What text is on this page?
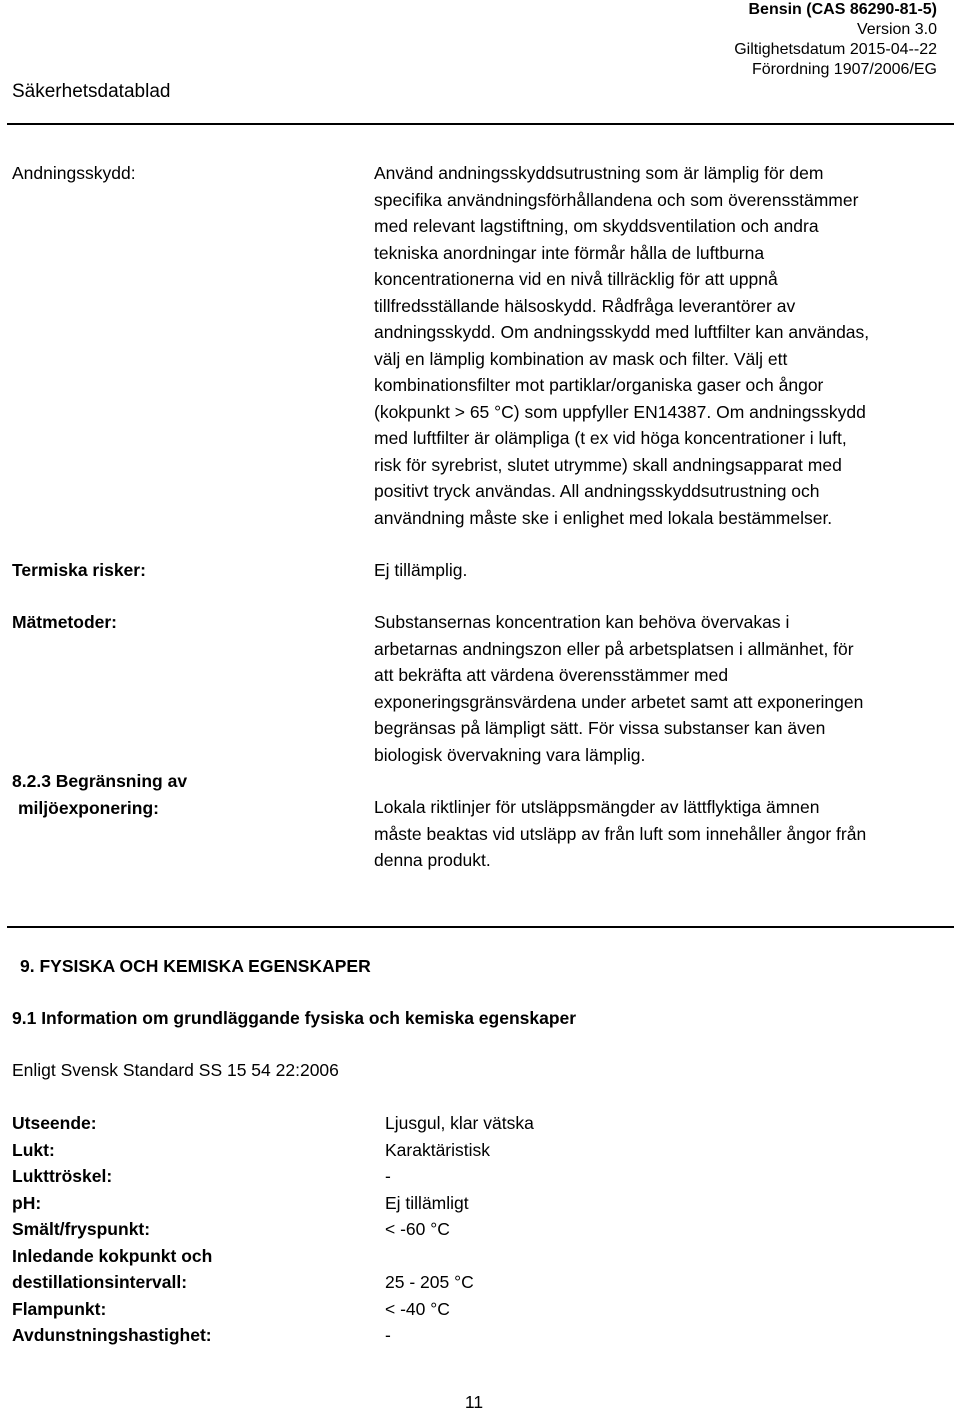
Bensin (CAS 86290-81-5)
Version 3.0
Giltighetsdatum 2015-04--22
Förordning 1907/2006/EG
Säkerhetsdatablad
Andningsskydd:	Använd andningsskyddsutrustning som är lämplig för dem
specifika användningsförhållandena och som överensstämmer
med relevant lagstiftning, om skyddsventilation och andra
tekniska anordningar inte förmår hålla de luftburna
koncentrationerna vid en nivå tillräcklig för att uppnå
tillfredsställande hälsoskydd. Rådfråga leverantörer av
andningsskydd. Om andningsskydd med luftfilter kan användas,
välj en lämplig kombination av mask och filter. Välj ett
kombinationsfilter mot partiklar/organiska gaser och ångor
(kokpunkt > 65 °C) som uppfyller EN14387. Om andningsskydd
med luftfilter är olämpliga (t ex vid höga koncentrationer i luft,
risk för syrebrist, slutet utrymme) skall andningsapparat med
positivt tryck användas. All andningsskyddsutrustning och
användning måste ske i enlighet med lokala bestämmelser.
Termiska risker:	Ej tillämplig.
Mätmetoder:	Substansernas koncentration kan behöva övervakas i
arbetarnas andningszon eller på arbetsplatsen i allmänhet, för
att bekräfta att värdena överensstämmer med
exponeringsgränsvärdena under arbetet samt att exponeringen
begränsas på lämpligt sätt. För vissa substanser kan även
biologisk övervakning vara lämplig.
8.2.3 Begränsning av
miljöexponering:	Lokala riktlinjer för utsläppsmängder av lättflyktiga ämnen
måste beaktas vid utsläpp av från luft som innehåller ångor från
denna produkt.
9. FYSISKA OCH KEMISKA EGENSKAPER
9.1 Information om grundläggande fysiska och kemiska egenskaper
Enligt Svensk Standard SS 15 54 22:2006
Utseende:	Ljusgul, klar vätska
Lukt:	Karaktäristisk
Lukttröskel:	-
pH:	Ej tillämligt
Smält/fryspunkt:	< -60 °C
Inledande kokpunkt och
destillationsintervall:	25 - 205 °C
Flampunkt:	< -40 °C
Avdunstningshastighet:	-
11
